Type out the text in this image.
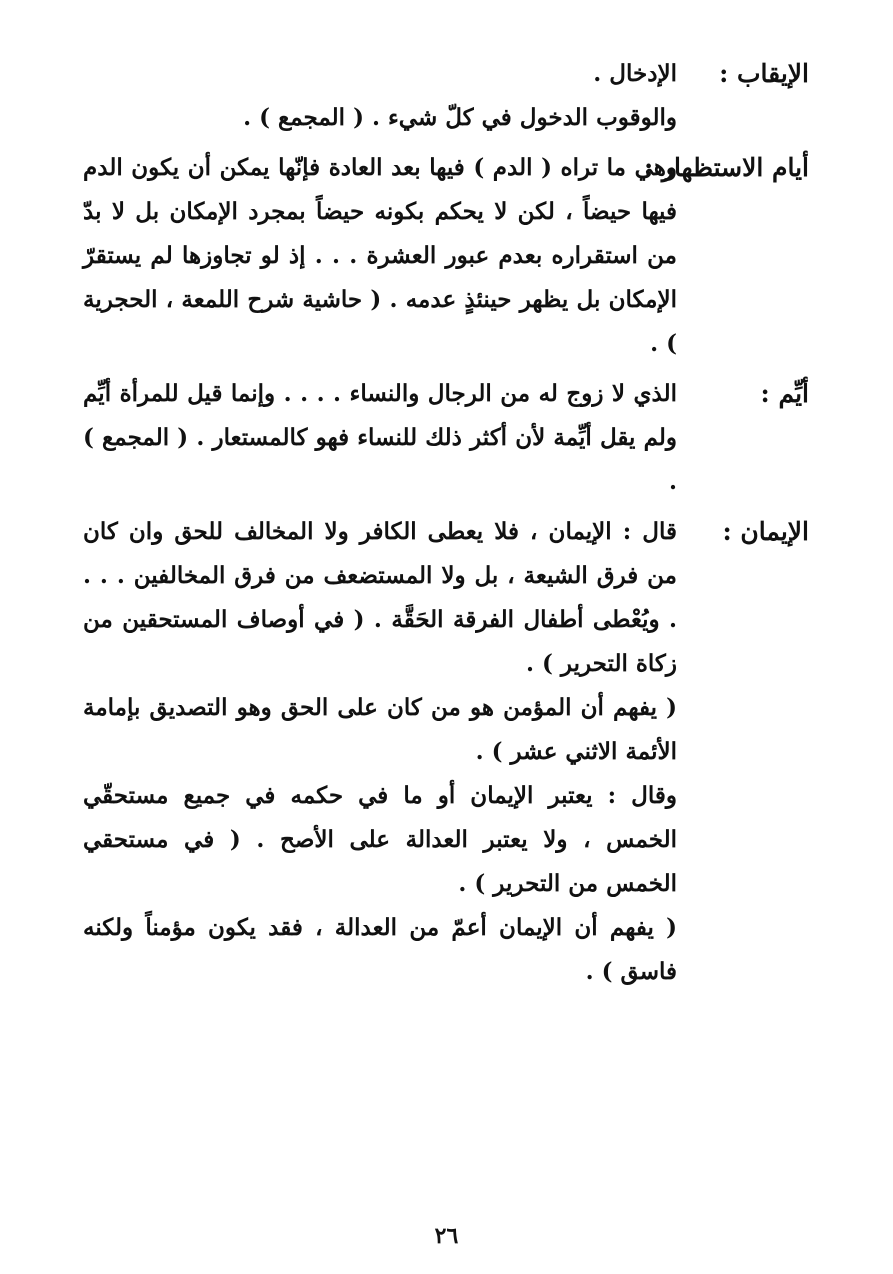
الإيقاب :

الإدخال .

والوقوب الدخول في كلّ شيء . ( المجمع ) .

أيام الاستظهار :

وهي ما تراه ( الدم ) فيها بعد العادة فإنّها يمكن أن يكون الدم فيها حيضاً ، لكن لا يحكم بكونه حيضاً بمجرد الإمكان بل لا بدّ من استقراره بعدم عبور العشرة . . . إذ لو تجاوزها لم يستقرّ الإمكان بل يظهر حينئذٍ عدمه . ( حاشية شرح اللمعة ، الحجرية ) .

أيِّم :

الذي لا زوج له من الرجال والنساء . . . . وإنما قيل للمرأة أيِّم ولم يقل أيِّمة لأن أكثر ذلك للنساء فهو كالمستعار . ( المجمع ) .

الإيمان :

قال : الإيمان ، فلا يعطى الكافر ولا المخالف للحق وان كان من فرق الشيعة ، بل ولا المستضعف من فرق المخالفين . . . . ويُعْطى أطفال الفرقة الحَقَّة . ( في أوصاف المستحقين من زكاة التحرير ) .

( يفهم أن المؤمن هو من كان على الحق وهو التصديق بإمامة الأئمة الاثني عشر ) .

وقال : يعتبر الإيمان أو ما في حكمه في جميع مستحقّي الخمس ، ولا يعتبر العدالة على الأصح . ( في مستحقي الخمس من التحرير ) .

( يفهم أن الإيمان أعمّ من العدالة ، فقد يكون مؤمناً ولكنه فاسق ) .

٢٦
